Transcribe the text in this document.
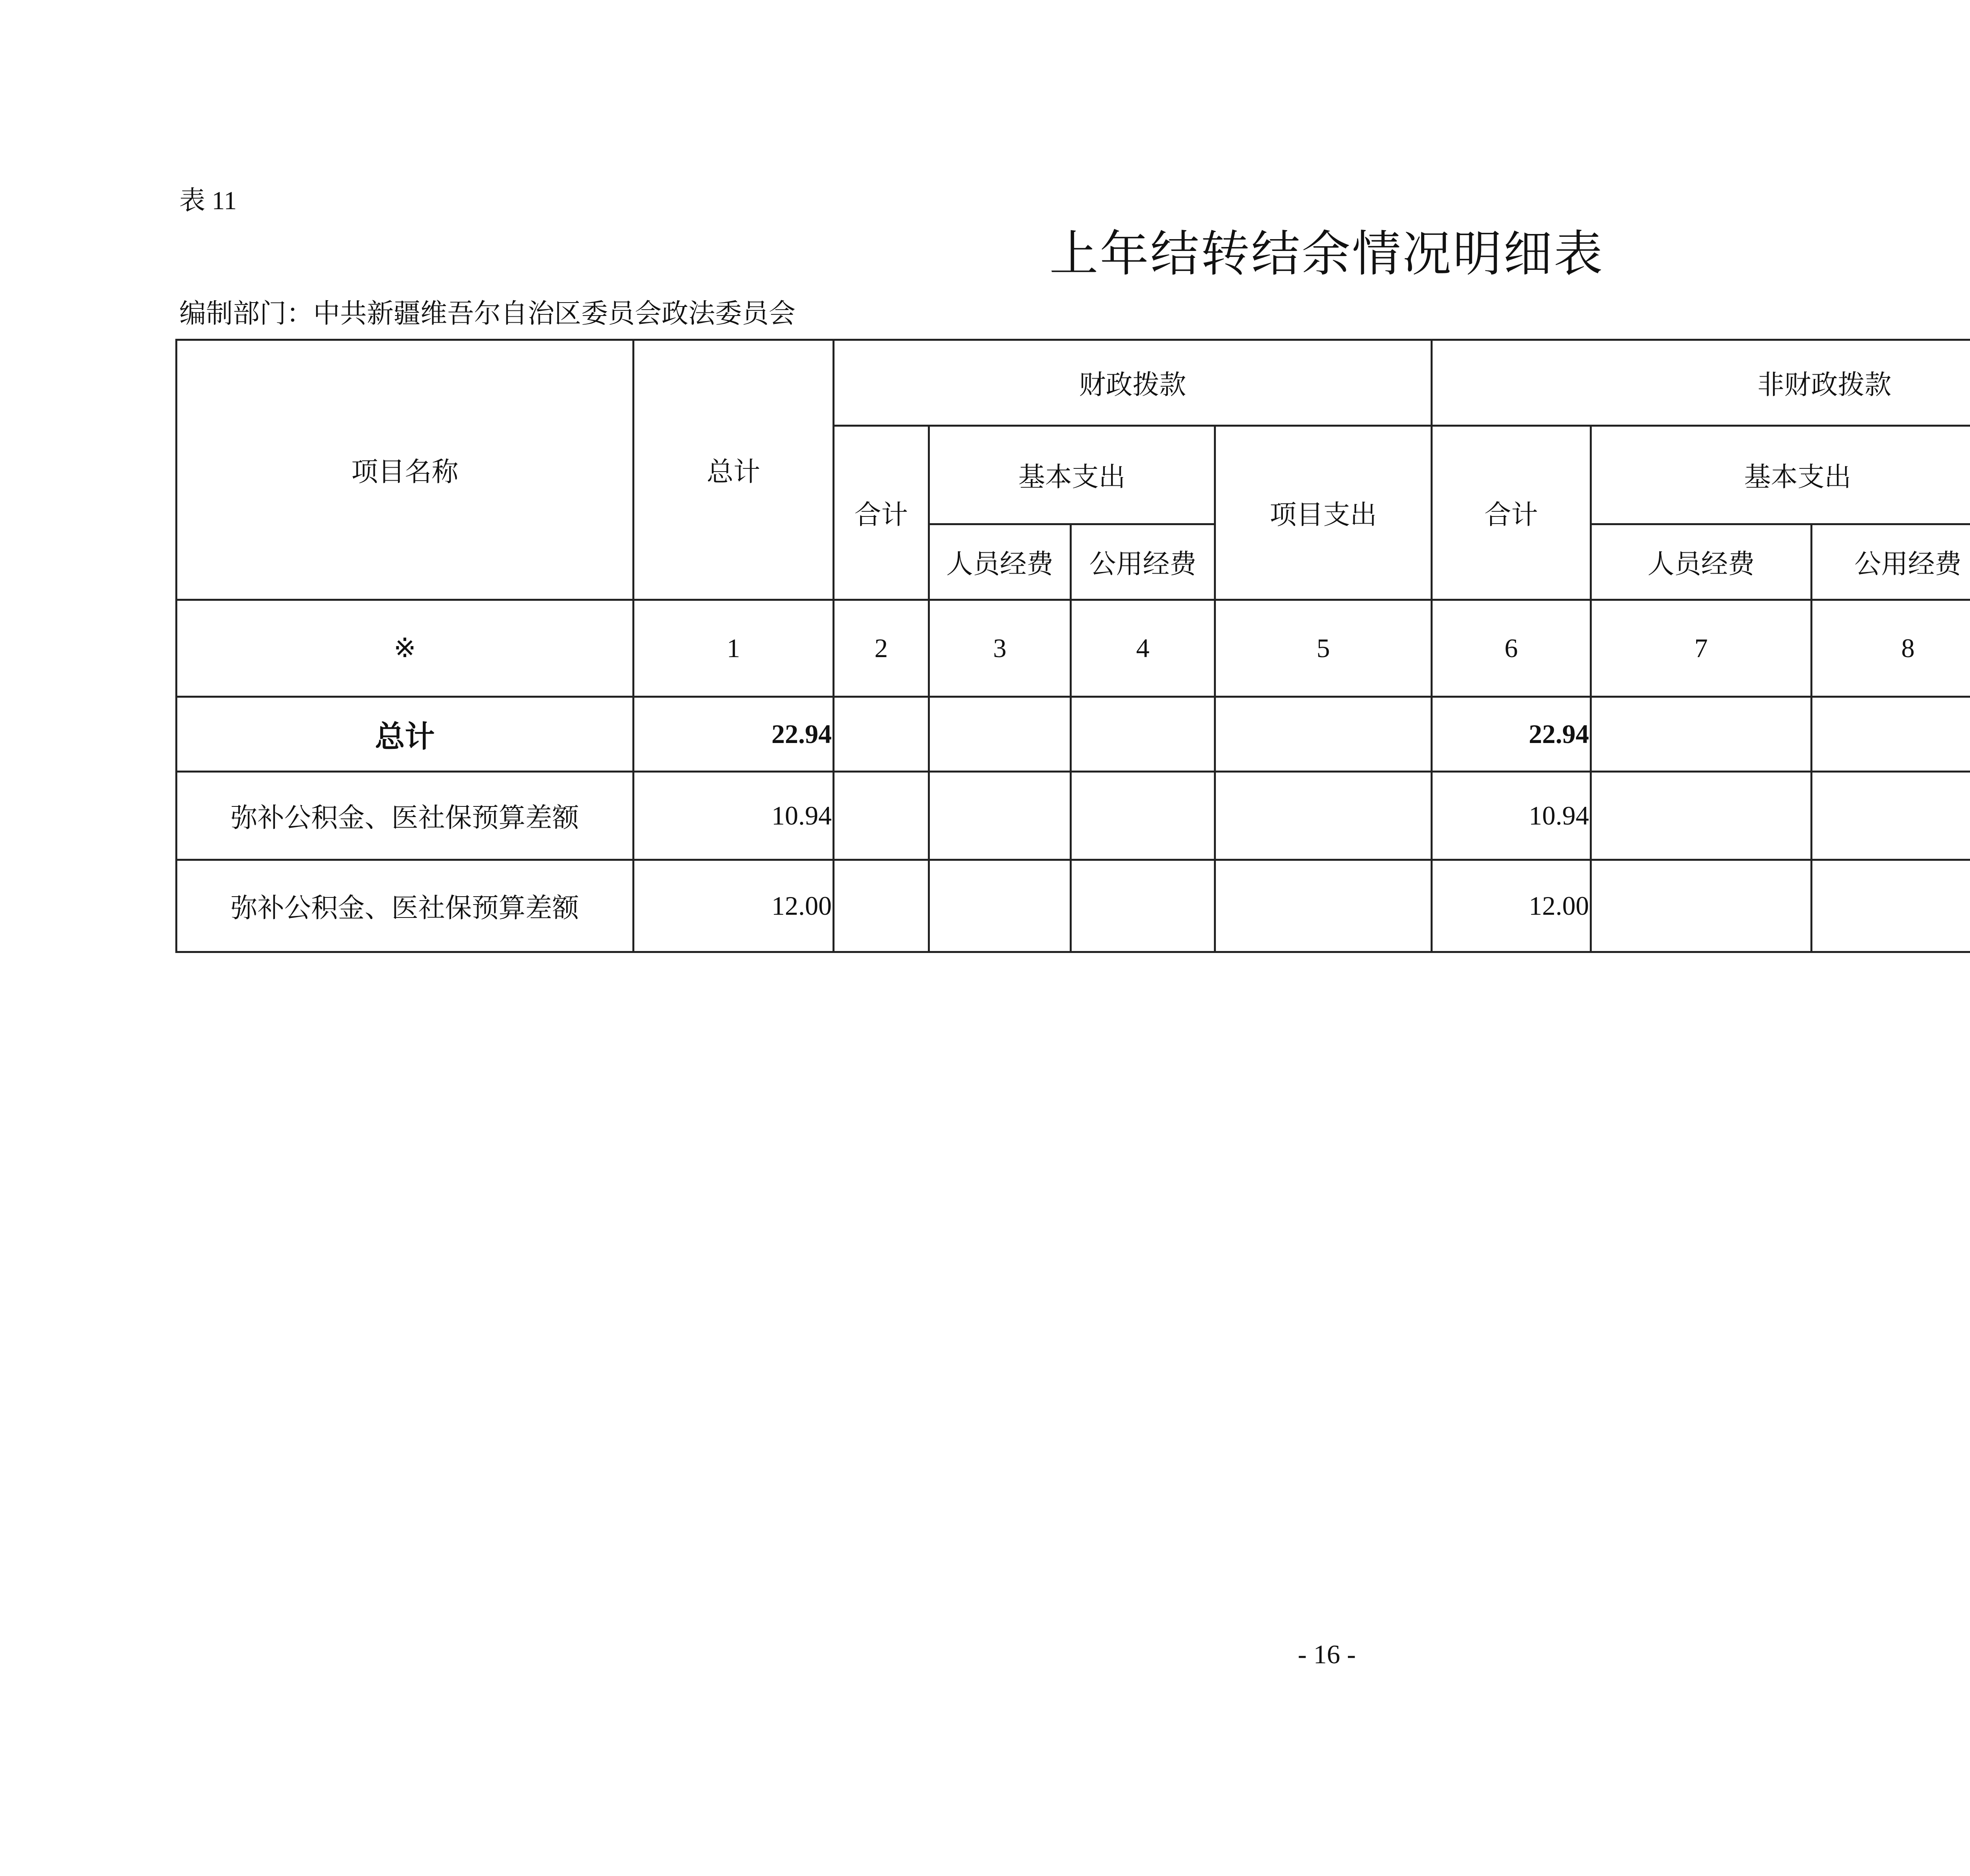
表 11
上年结转结余情况明细表
编制部门：中共新疆维吾尔自治区委员会政法委员会
项目名称	总计	财政拨款				非财政拨款			
		合计	基本支出		项目支出	合计	基本支出	
			人员经费	公用经费			人员经费	公用经费	
※	1	2	3	4	5	6	7	8	
总计	22.94					22.94			
弥补公积金、医社保预算差额	10.94					10.94			
弥补公积金、医社保预算差额	12.00					12.00			
- 16 -
